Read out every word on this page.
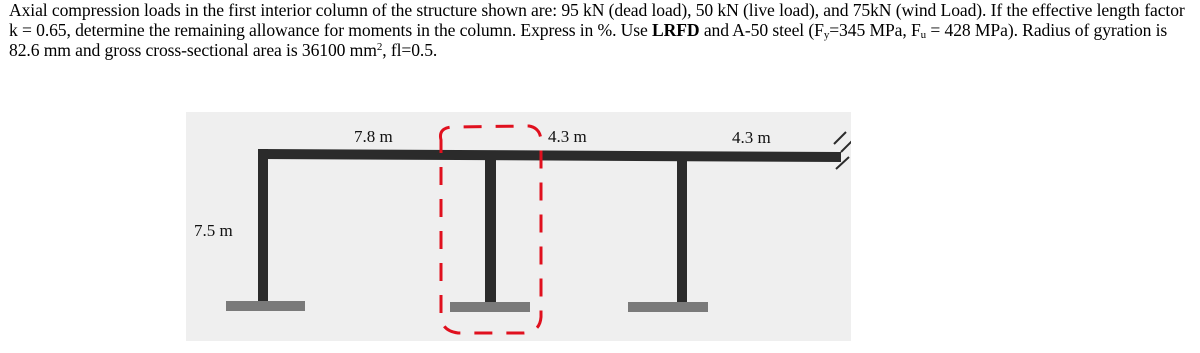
Axial compression loads in the first interior column of the structure shown are: 95 kN (dead load), 50 kN (live load), and 75kN (wind Load). If the effective length factor k = 0.65, determine the remaining allowance for moments in the column. Express in %. Use LRFD and A-50 steel ($F_y=345$ MPa, $F_u = 428$ MPa). Radius of gyration is 82.6 mm and gross cross-sectional area is 36100 $mm^2$, fl=0.5.

7.8 m	4.3 m	4.3 m
7.5 m
